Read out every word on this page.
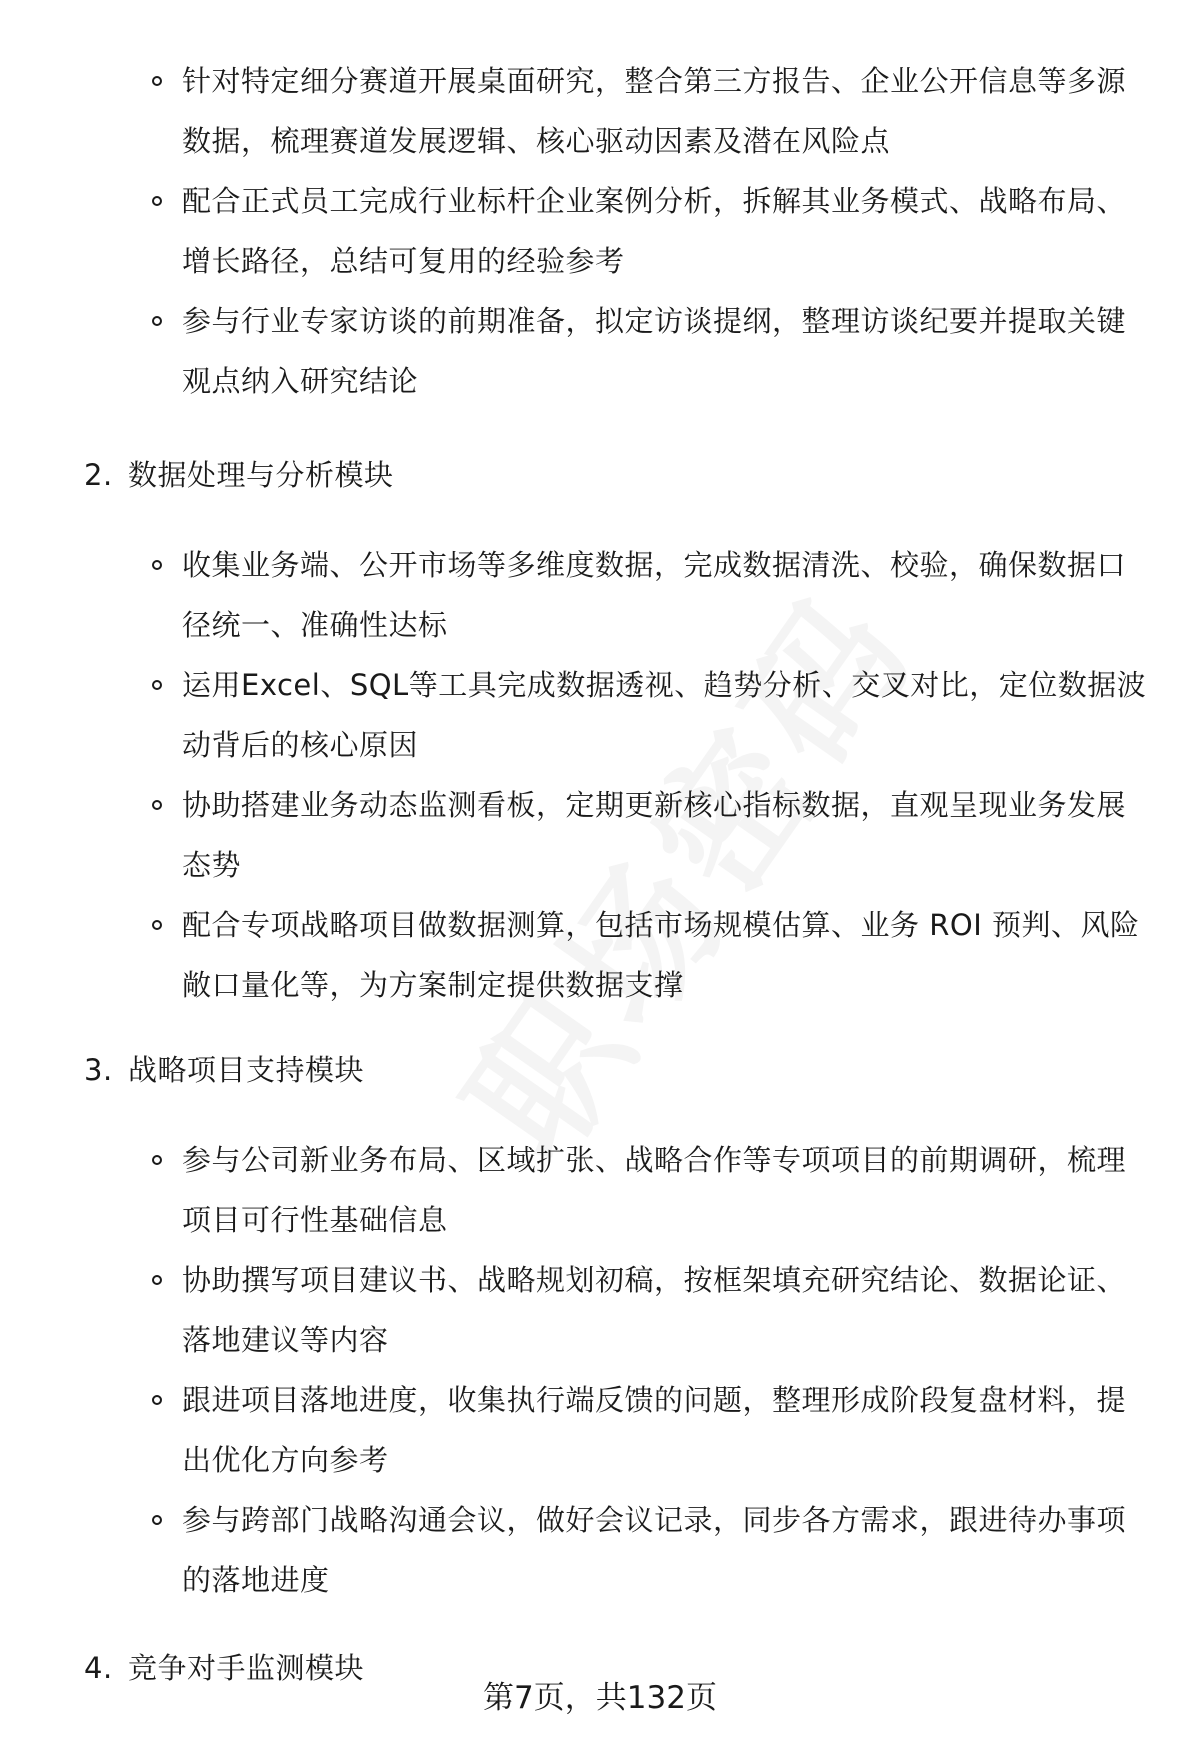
针对特定细分赛道开展桌面研究，整合第三方报告、企业公开信息等多源数据，梳理赛道发展逻辑、核心驱动因素及潜在风险点
配合正式员工完成行业标杆企业案例分析，拆解其业务模式、战略布局、增长路径，总结可复用的经验参考
参与行业专家访谈的前期准备，拟定访谈提纲，整理访谈纪要并提取关键观点纳入研究结论
2. 数据处理与分析模块
收集业务端、公开市场等多维度数据，完成数据清洗、校验，确保数据口径统一、准确性达标
运用Excel、SQL等工具完成数据透视、趋势分析、交叉对比，定位数据波动背后的核心原因
协助搭建业务动态监测看板，定期更新核心指标数据，直观呈现业务发展态势
配合专项战略项目做数据测算，包括市场规模估算、业务 ROI 预判、风险敞口量化等，为方案制定提供数据支撑
3. 战略项目支持模块
参与公司新业务布局、区域扩张、战略合作等专项项目的前期调研，梳理项目可行性基础信息
协助撰写项目建议书、战略规划初稿，按框架填充研究结论、数据论证、落地建议等内容
跟进项目落地进度，收集执行端反馈的问题，整理形成阶段复盘材料，提出优化方向参考
参与跨部门战略沟通会议，做好会议记录，同步各方需求，跟进待办事项的落地进度
4. 竞争对手监测模块
第7页，共132页
